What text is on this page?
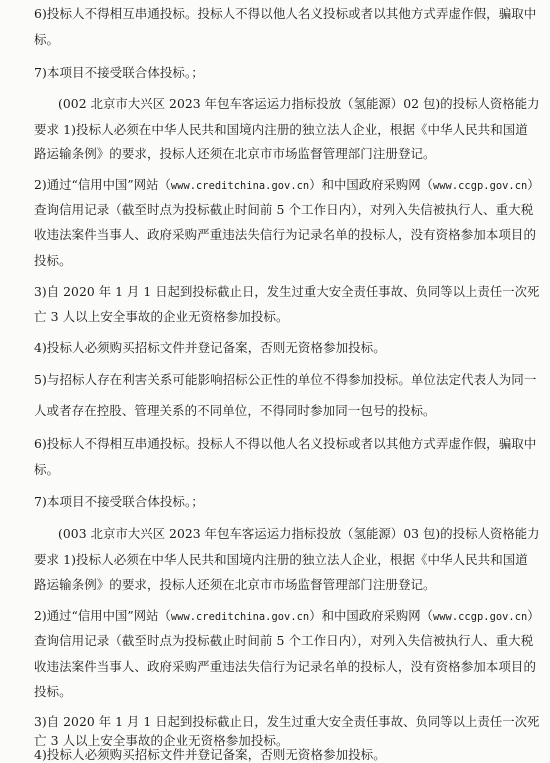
6)投标人不得相互串通投标。投标人不得以他人名义投标或者以其他方式弄虚作假，骗取中
标。
7)本项目不接受联合体投标。；
(002 北京市大兴区 2023 年包车客运运力指标投放（氢能源）02 包)的投标人资格能力
要求 1)投标人必须在中华人民共和国境内注册的独立法人企业，根据《中华人民共和国道
路运输条例》的要求，投标人还须在北京市市场监督管理部门注册登记。
2)通过“信用中国”网站（www.creditchina.gov.cn）和中国政府采购网（www.ccgp.gov.cn）
查询信用记录（截至时点为投标截止时间前 5 个工作日内），对列入失信被执行人、重大税
收违法案件当事人、政府采购严重违法失信行为记录名单的投标人，没有资格参加本项目的
投标。
3)自 2020 年 1 月 1 日起到投标截止日，发生过重大安全责任事故、负同等以上责任一次死
亡 3 人以上安全事故的企业无资格参加投标。
4)投标人必须购买招标文件并登记备案，否则无资格参加投标。
5)与招标人存在利害关系可能影响招标公正性的单位不得参加投标。单位法定代表人为同一
人或者存在控股、管理关系的不同单位，不得同时参加同一包号的投标。
6)投标人不得相互串通投标。投标人不得以他人名义投标或者以其他方式弄虚作假，骗取中
标。
7)本项目不接受联合体投标。；
(003 北京市大兴区 2023 年包车客运运力指标投放（氢能源）03 包)的投标人资格能力
要求 1)投标人必须在中华人民共和国境内注册的独立法人企业，根据《中华人民共和国道
路运输条例》的要求，投标人还须在北京市市场监督管理部门注册登记。
2)通过“信用中国”网站（www.creditchina.gov.cn）和中国政府采购网（www.ccgp.gov.cn）
查询信用记录（截至时点为投标截止时间前 5 个工作日内），对列入失信被执行人、重大税
收违法案件当事人、政府采购严重违法失信行为记录名单的投标人，没有资格参加本项目的
投标。
3)自 2020 年 1 月 1 日起到投标截止日，发生过重大安全责任事故、负同等以上责任一次死
亡 3 人以上安全事故的企业无资格参加投标。
4)投标人必须购买招标文件并登记备案，否则无资格参加投标。
